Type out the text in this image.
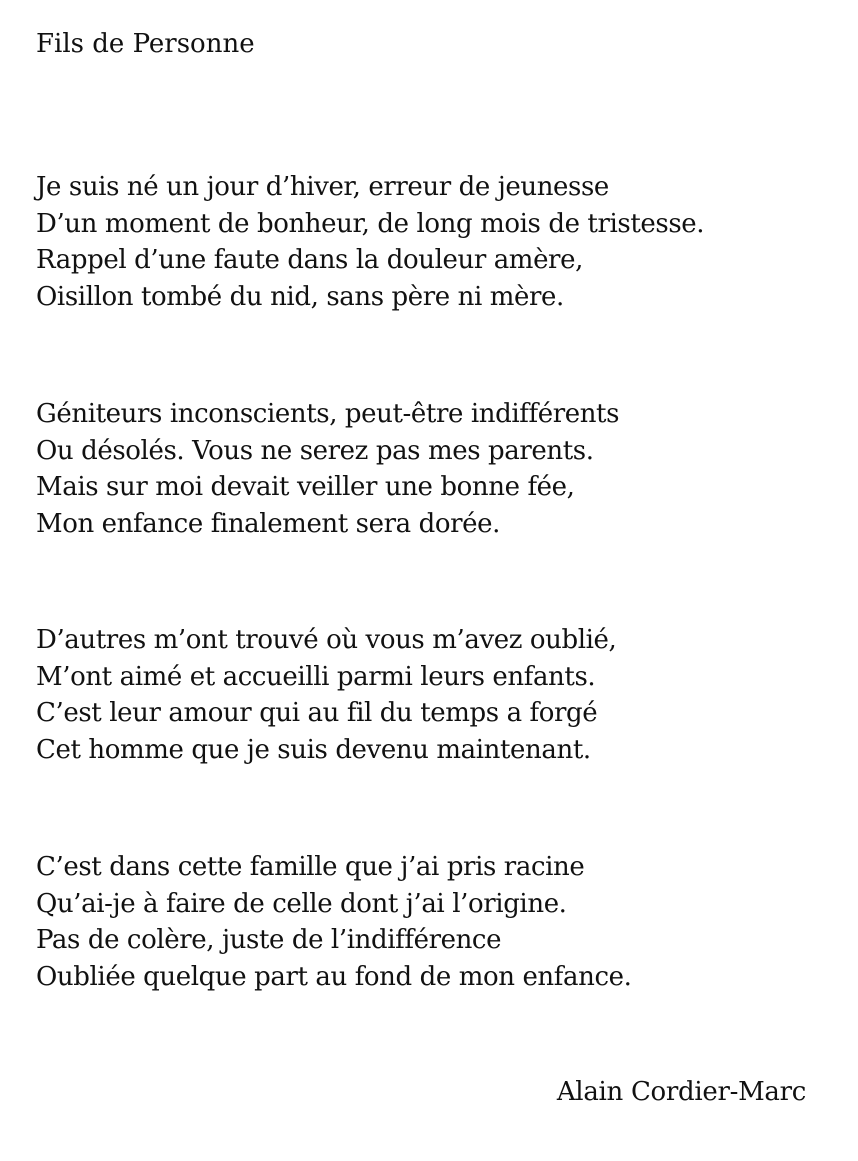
Fils de Personne
Je suis né un jour d’hiver, erreur de jeunesse
D’un moment de bonheur, de long mois de tristesse.
Rappel d’une faute dans la douleur amère,
Oisillon tombé du nid, sans père ni mère.
Géniteurs inconscients, peut-être indifférents
Ou désolés. Vous ne serez pas mes parents.
Mais sur moi devait veiller une bonne fée,
Mon enfance finalement sera dorée.
D’autres m’ont trouvé où vous m’avez oublié,
M’ont aimé et accueilli parmi leurs enfants.
C’est leur amour qui au fil du temps a forgé
Cet homme que je suis devenu maintenant.
C’est dans cette famille que j’ai pris racine
Qu’ai-je à faire de celle dont j’ai l’origine.
Pas de colère, juste de l’indifférence
Oubliée quelque part au fond de mon enfance.
Alain Cordier-Marc
